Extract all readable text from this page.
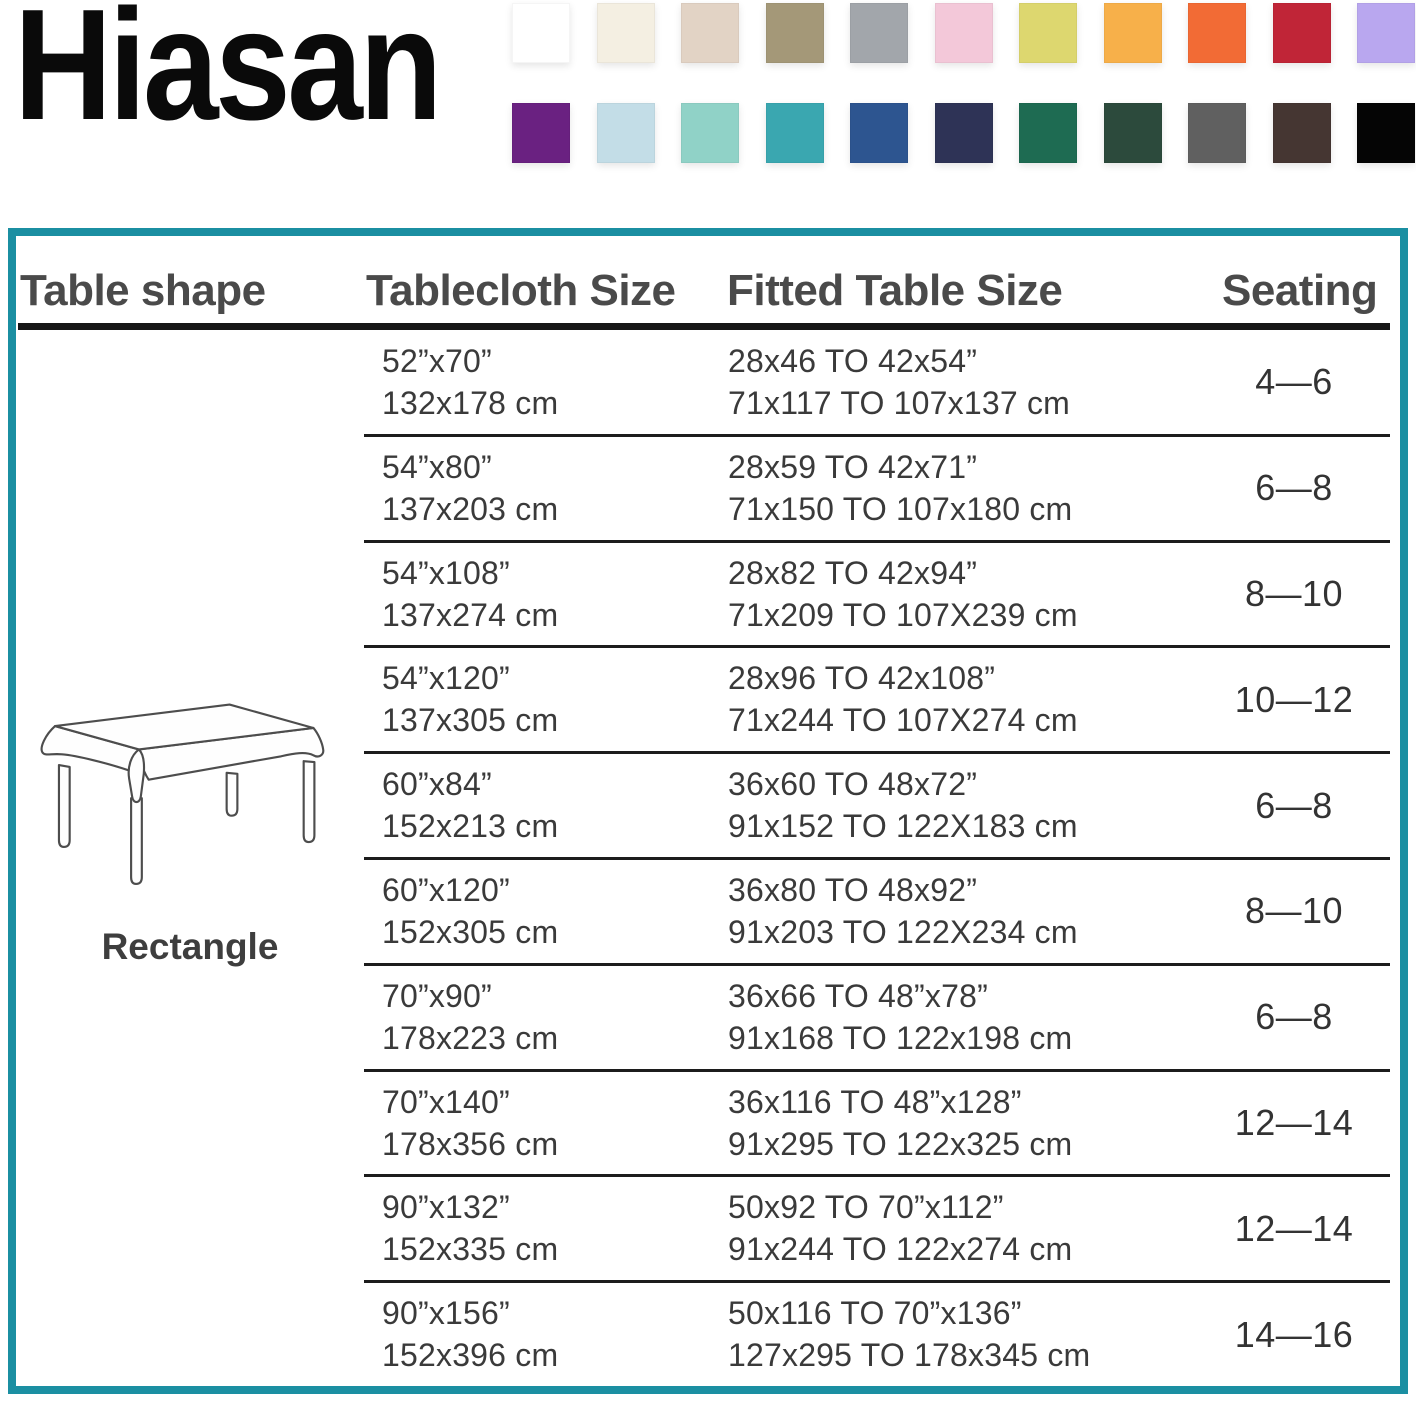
Hiasan
Table shape Tablecloth Size Fitted Table Size	Seating
Rectangle
52”x70”
132x178 cm
28x46 TO 42x54”
71x117 TO 107x137 cm
4—6
54”x80”
137x203 cm
28x59 TO 42x71”
71x150 TO 107x180 cm
6—8
54”x108”
137x274 cm
28x82 TO 42x94”
71x209 TO 107X239 cm
8—10
54”x120”
137x305 cm
28x96 TO 42x108”
71x244 TO 107X274 cm
10—12
60”x84”
152x213 cm
36x60 TO 48x72”
91x152 TO 122X183 cm
6—8
60”x120”
152x305 cm
36x80 TO 48x92”
91x203 TO 122X234 cm
8—10
70”x90”
178x223 cm
36x66 TO 48”x78”
91x168 TO 122x198 cm
6—8
70”x140”
178x356 cm
36x116 TO 48”x128”
91x295 TO 122x325 cm
12—14
90”x132”
152x335 cm
50x92 TO 70”x112”
91x244 TO 122x274 cm
12—14
90”x156”
152x396 cm
50x116 TO 70”x136”
127x295 TO 178x345 cm
14—16
